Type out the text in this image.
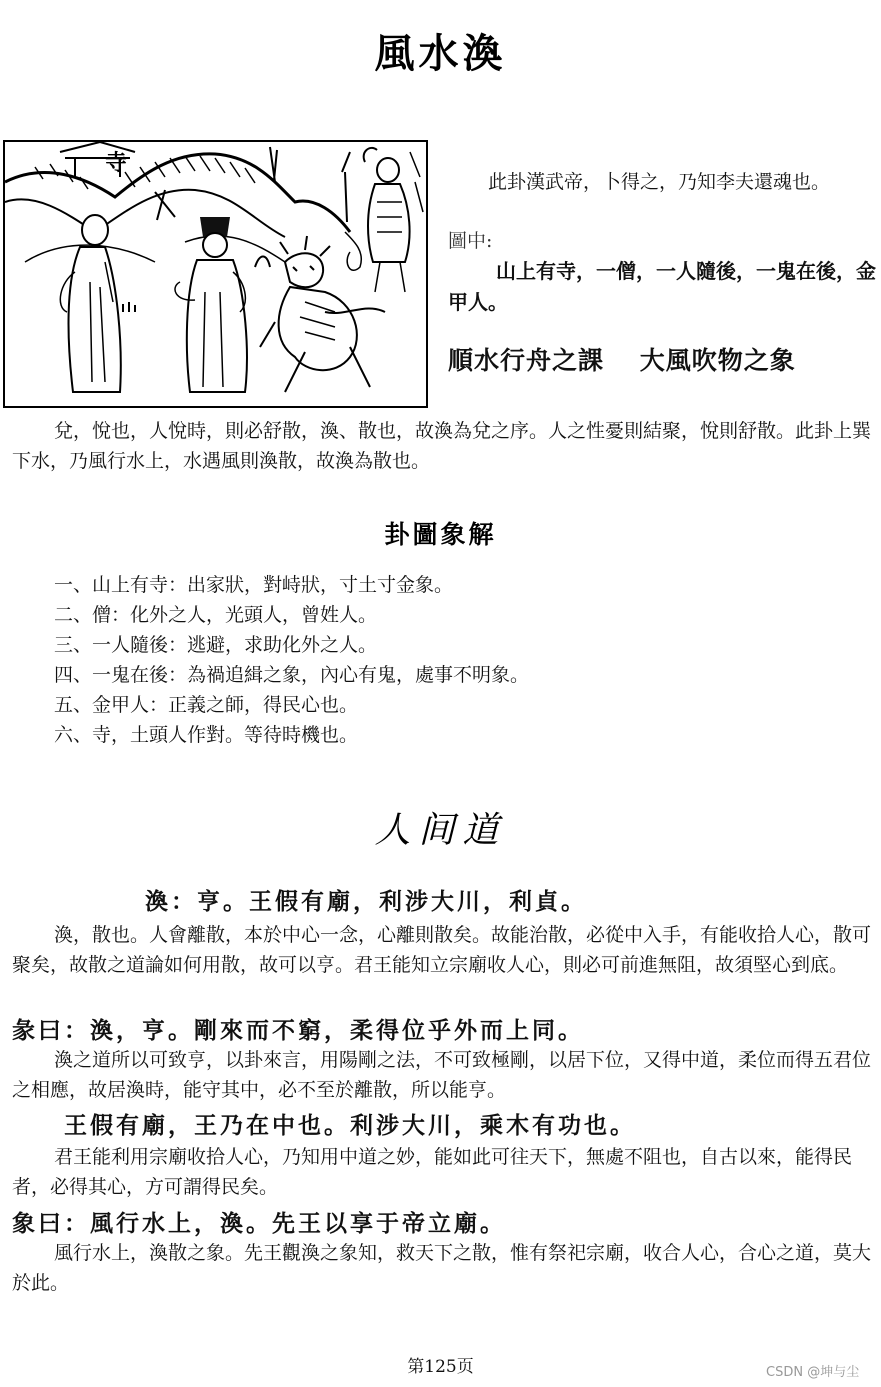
風水渙
寺
此卦漢武帝，卜得之，乃知李夫還魂也。
圖中:
山上有寺，一僧，一人隨後，一鬼在後，金甲人。
順水行舟之課　 大風吹物之象

兌，悅也，人悅時，則必舒散，渙、散也，故渙為兌之序。人之性憂則結聚，悅則舒散。此卦上巽下水，乃風行水上，水遇風則渙散，故渙為散也。

卦圖象解
一、山上有寺：出家狀，對峙狀，寸土寸金象。
二、僧：化外之人，光頭人，曾姓人。
三、一人隨後：逃避，求助化外之人。
四、一鬼在後：為禍追緝之象，內心有鬼，處事不明象。
五、金甲人：正義之師，得民心也。
六、寺，土頭人作對。等待時機也。
人间道
渙：亨。王假有廟，利涉大川，利貞。

渙，散也。人會離散，本於中心一念，心離則散矣。故能治散，必從中入手，有能收拾人心，散可聚矣，故散之道論如何用散，故可以亨。君王能知立宗廟收人心，則必可前進無阻，故須堅心到底。

彖曰：渙，亨。剛來而不窮，柔得位乎外而上同。

渙之道所以可致亨，以卦來言，用陽剛之法，不可致極剛，以居下位，又得中道，柔位而得五君位之相應，故居渙時，能守其中，必不至於離散，所以能亨。

王假有廟，王乃在中也。利涉大川，乘木有功也。

君王能利用宗廟收拾人心，乃知用中道之妙，能如此可往天下，無處不阻也，自古以來，能得民者，必得其心，方可謂得民矣。

象曰：風行水上，渙。先王以享于帝立廟。

風行水上，渙散之象。先王觀渙之象知，救天下之散，惟有祭祀宗廟，收合人心，合心之道，莫大於此。

第125页	CSDN @坤与尘
